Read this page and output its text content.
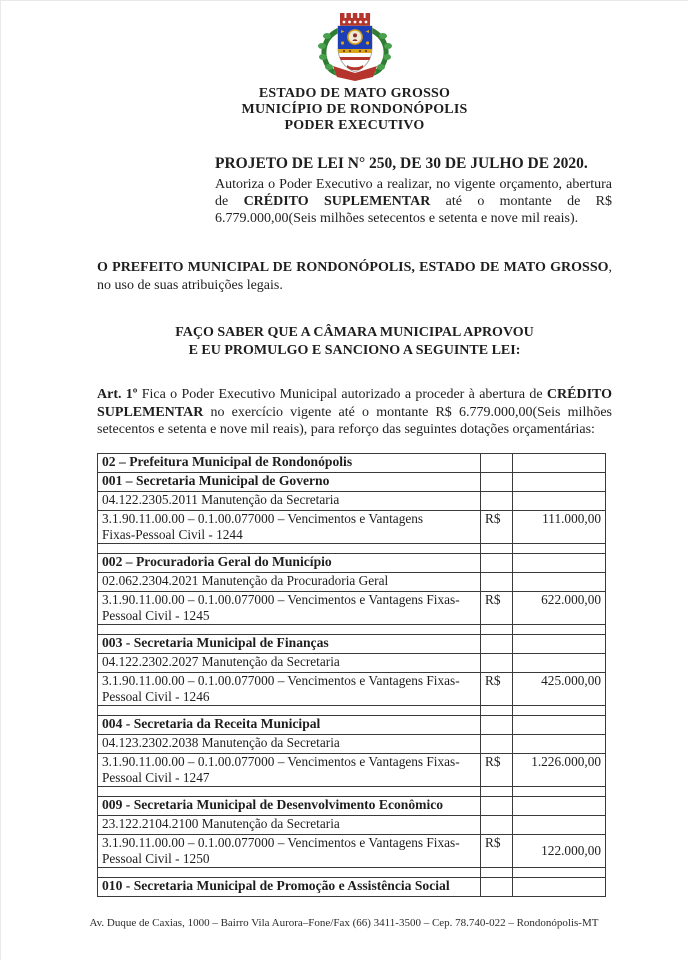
ESTADO DE MATO GROSSO
MUNICÍPIO DE RONDONÓPOLIS
PODER EXECUTIVO
PROJETO DE LEI N° 250, DE 30 DE JULHO DE 2020.
Autoriza o Poder Executivo a realizar, no vigente orçamento, abertura de CRÉDITO SUPLEMENTAR até o montante de R$ 6.779.000,00(Seis milhões setecentos e setenta e nove mil reais).
O PREFEITO MUNICIPAL DE RONDONÓPOLIS, ESTADO DE MATO GROSSO, no uso de suas atribuições legais.
FAÇO SABER QUE A CÂMARA MUNICIPAL APROVOU
E EU PROMULGO E SANCIONO A SEGUINTE LEI:
Art. 1º Fica o Poder Executivo Municipal autorizado a proceder à abertura de CRÉDITO SUPLEMENTAR no exercício vigente até o montante R$ 6.779.000,00(Seis milhões setecentos e setenta e nove mil reais), para reforço das seguintes dotações orçamentárias:
02 – Prefeitura Municipal de Rondonópolis		
001 – Secretaria Municipal de Governo		
04.122.2305.2011 Manutenção da Secretaria		

3.1.90.11.00.00 – 0.1.00.077000 – Vencimentos e Vantagens
Fixas-Pessoal Civil - 1244	R$	111.000,00

002 – Procuradoria Geral do Município		
02.062.2304.2021 Manutenção da Procuradoria Geral		

3.1.90.11.00.00 – 0.1.00.077000 – Vencimentos e Vantagens Fixas-
Pessoal Civil - 1245	R$	622.000,00

003 - Secretaria Municipal de Finanças		
04.122.2302.2027 Manutenção da Secretaria		

3.1.90.11.00.00 – 0.1.00.077000 – Vencimentos e Vantagens Fixas-
Pessoal Civil - 1246	R$	425.000,00

004 - Secretaria da Receita Municipal		
04.123.2302.2038 Manutenção da Secretaria		

3.1.90.11.00.00 – 0.1.00.077000 – Vencimentos e Vantagens Fixas-
Pessoal Civil - 1247	R$	1.226.000,00

009 - Secretaria Municipal de Desenvolvimento Econômico		
23.122.2104.2100 Manutenção da Secretaria		

3.1.90.11.00.00 – 0.1.00.077000 – Vencimentos e Vantagens Fixas-
Pessoal Civil - 1250	R$	122.000,00

010 - Secretaria Municipal de Promoção e Assistência Social		
Av. Duque de Caxias, 1000 – Bairro Vila Aurora–Fone/Fax (66) 3411-3500 – Cep. 78.740-022 – Rondonópolis-MT
